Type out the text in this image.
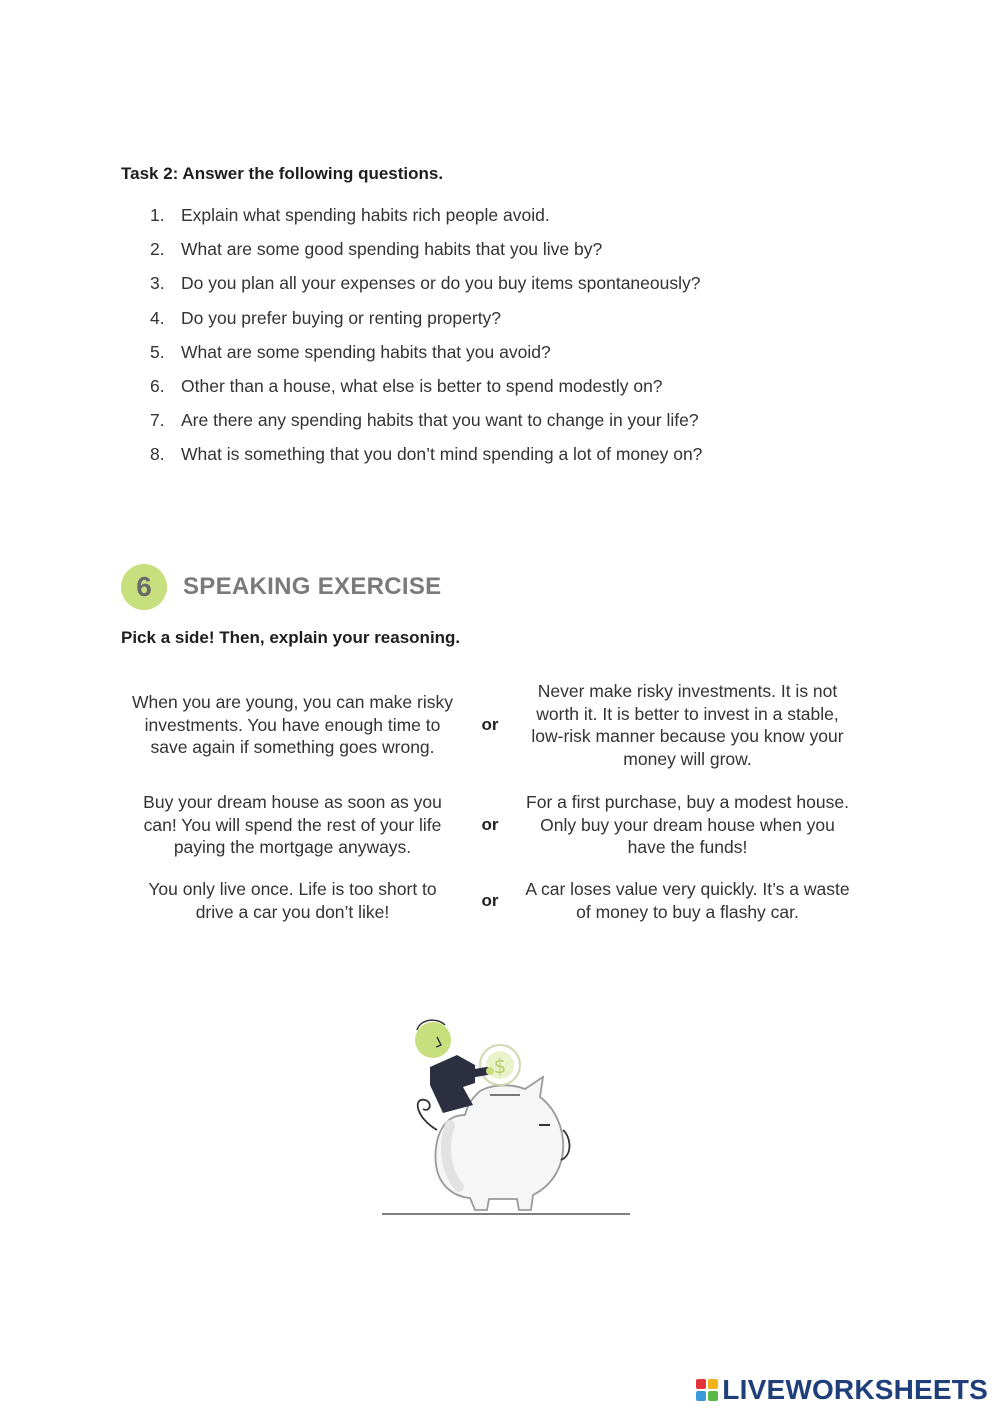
Task 2: Answer the following questions.
1. Explain what spending habits rich people avoid.
2. What are some good spending habits that you live by?
3. Do you plan all your expenses or do you buy items spontaneously?
4. Do you prefer buying or renting property?
5. What are some spending habits that you avoid?
6. Other than a house, what else is better to spend modestly on?
7. Are there any spending habits that you want to change in your life?
8. What is something that you don’t mind spending a lot of money on?
6	SPEAKING EXERCISE

Pick a side! Then, explain your reasoning.

When you are young, you can make risky investments. You have enough time to save again if something goes wrong.
or
Never make risky investments. It is not worth it. It is better to invest in a stable, low-risk manner because you know your money will grow.
Buy your dream house as soon as you can! You will spend the rest of your life paying the mortgage anyways.
or
For a first purchase, buy a modest house. Only buy your dream house when you have the funds!
You only live once. Life is too short to drive a car you don’t like!
or
A car loses value very quickly. It’s a waste of money to buy a flashy car.
$
LIVEWORKSHEETS
